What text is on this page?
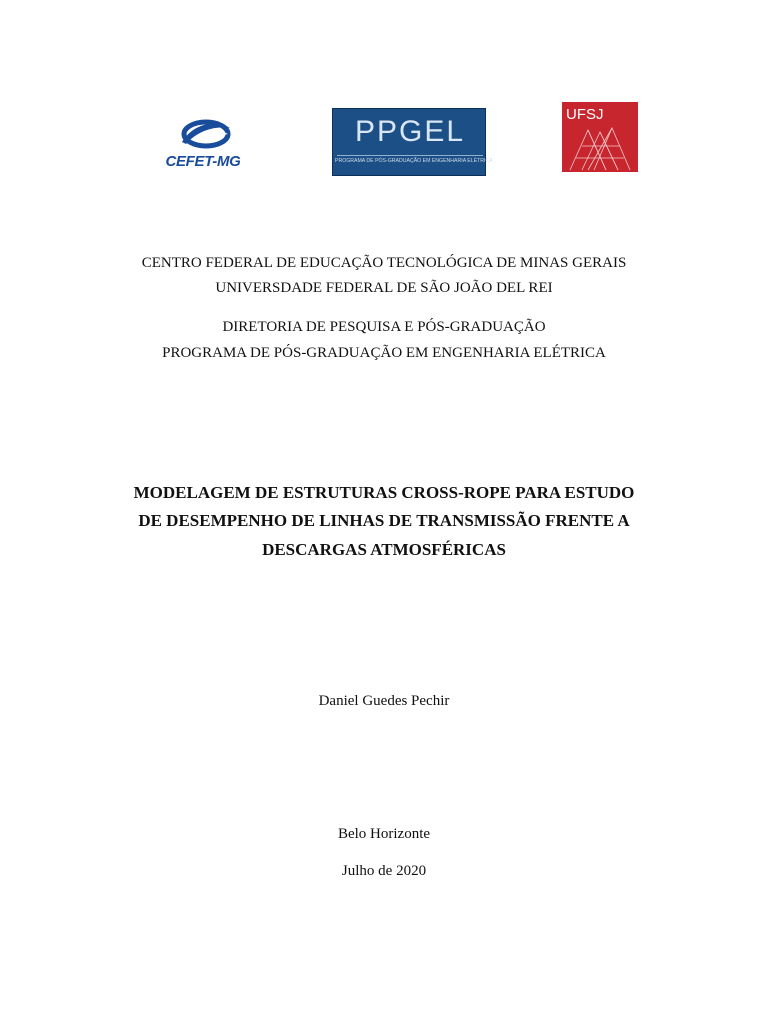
CEFET-MG
PPGEL
PROGRAMA DE PÓS-GRADUAÇÃO EM ENGENHARIA ELÉTRICA
UFSJ
CENTRO FEDERAL DE EDUCAÇÃO TECNOLÓGICA DE MINAS GERAIS
UNIVERSDADE FEDERAL DE SÃO JOÃO DEL REI
DIRETORIA DE PESQUISA E PÓS-GRADUAÇÃO
PROGRAMA DE PÓS-GRADUAÇÃO EM ENGENHARIA ELÉTRICA
MODELAGEM DE ESTRUTURAS CROSS-ROPE PARA ESTUDO
DE DESEMPENHO DE LINHAS DE TRANSMISSÃO FRENTE A
DESCARGAS ATMOSFÉRICAS
Daniel Guedes Pechir
Belo Horizonte
Julho de 2020
